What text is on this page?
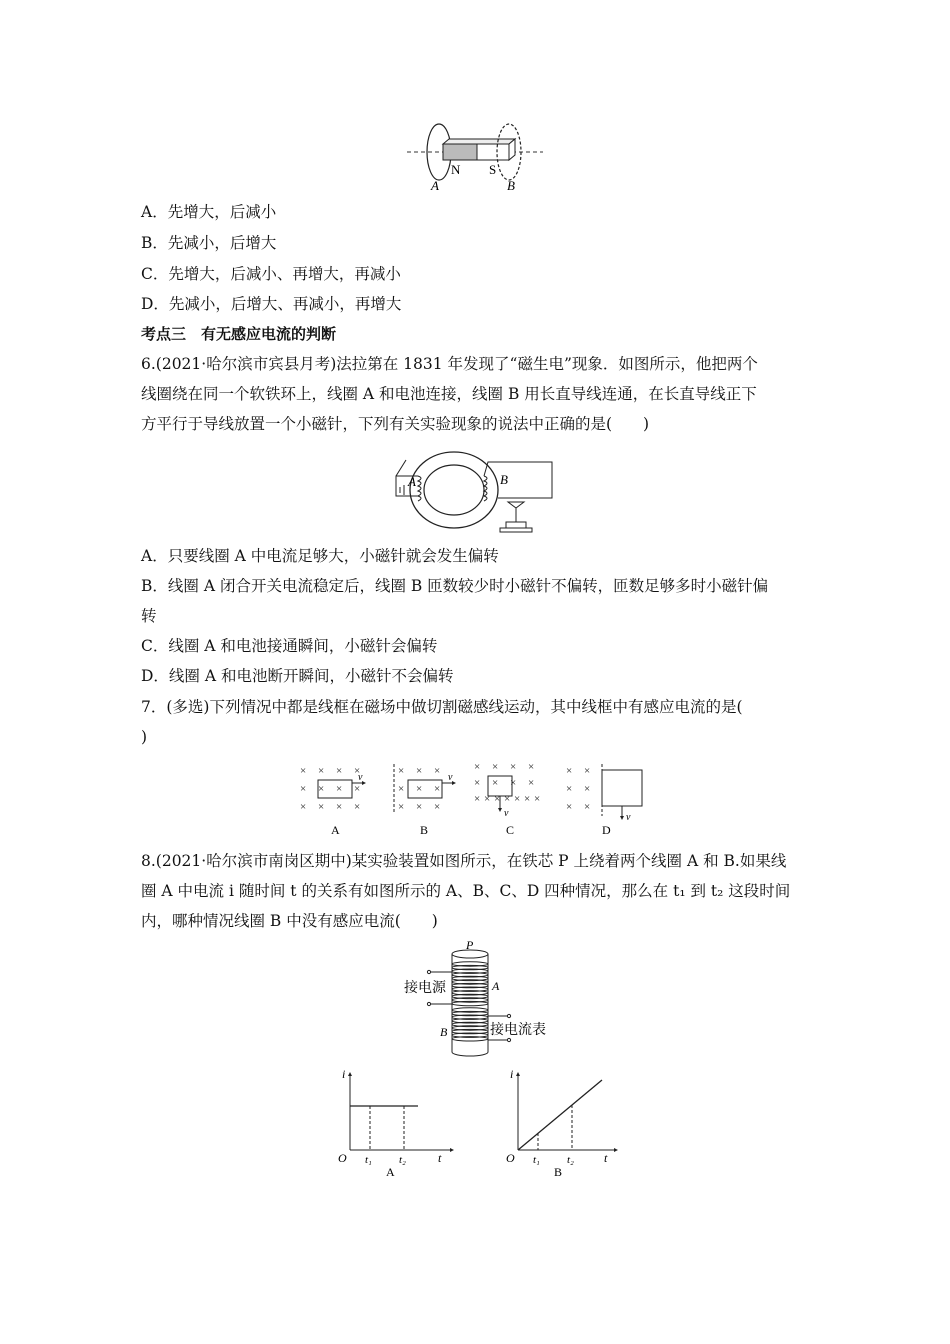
N S
A	B
A．先增大，后减小
B．先减小，后增大
C．先增大，后减小、再增大，再减小
D．先减小，后增大、再减小，再增大
考点三　有无感应电流的判断
6.(2021·哈尔滨市宾县月考)法拉第在 1831 年发现了“磁生电”现象．如图所示，他把两个
线圈绕在同一个软铁环上，线圈 A 和电池连接，线圈 B 用长直导线连通，在长直导线正下
方平行于导线放置一个小磁针，下列有关实验现象的说法中正确的是(　　)
A	B
A．只要线圈 A 中电流足够大，小磁针就会发生偏转
B．线圈 A 闭合开关电流稳定后，线圈 B 匝数较少时小磁针不偏转，匝数足够多时小磁针偏
转
C．线圈 A 和电池接通瞬间，小磁针会偏转
D．线圈 A 和电池断开瞬间，小磁针不会偏转
7．(多选)下列情况中都是线框在磁场中做切割磁感线运动，其中线框中有感应电流的是(
)
× × × ×
× × × ×
× × × ×
× × ×
× × ×
× × ×
× × × ×
× × × ×
× × × × × × ×
× ×
× ×
× ×
v	v
v	v
A	B	C	D
8.(2021·哈尔滨市南岗区期中)某实验装置如图所示，在铁芯 P 上绕着两个线圈 A 和 B.如果线
圈 A 中电流 i 随时间 t 的关系有如图所示的 A、B、C、D 四种情况，那么在 t₁ 到 t₂ 这段时间
内，哪种情况线圈 B 中没有感应电流(　　)
P
A
B
接电源
接电流表
i
O	t
t₁ t₂
A
i
O	t
t₁ t₂
B
